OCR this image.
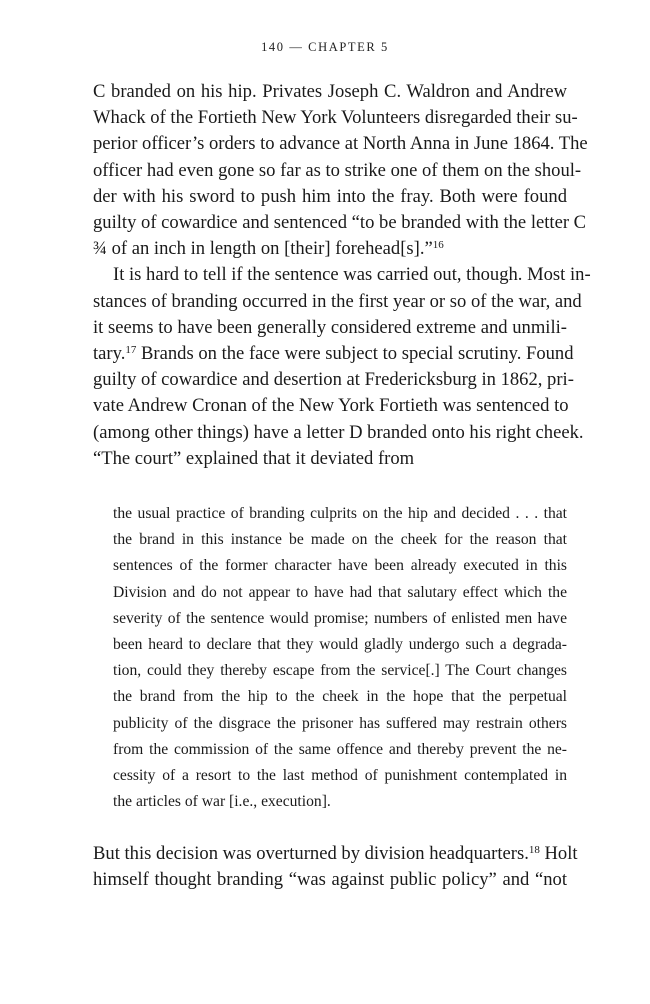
140 — CHAPTER 5
C branded on his hip. Privates Joseph C. Waldron and Andrew
Whack of the Fortieth New York Volunteers disregarded their su-
perior officer’s orders to advance at North Anna in June 1864. The
officer had even gone so far as to strike one of them on the shoul-
der with his sword to push him into the fray. Both were found
guilty of cowardice and sentenced “to be branded with the letter C
¾ of an inch in length on [their] forehead[s].”$^{16}$
It is hard to tell if the sentence was carried out, though. Most in-
stances of branding occurred in the first year or so of the war, and
it seems to have been generally considered extreme and unmili-
tary.$^{17}$ Brands on the face were subject to special scrutiny. Found
guilty of cowardice and desertion at Fredericksburg in 1862, pri-
vate Andrew Cronan of the New York Fortieth was sentenced to
(among other things) have a letter D branded onto his right cheek.
“The court” explained that it deviated from
the usual practice of branding culprits on the hip and decided . . . that
the brand in this instance be made on the cheek for the reason that
sentences of the former character have been already executed in this
Division and do not appear to have had that salutary effect which the
severity of the sentence would promise; numbers of enlisted men have
been heard to declare that they would gladly undergo such a degrada-
tion, could they thereby escape from the service[.] The Court changes
the brand from the hip to the cheek in the hope that the perpetual
publicity of the disgrace the prisoner has suffered may restrain others
from the commission of the same offence and thereby prevent the ne-
cessity of a resort to the last method of punishment contemplated in
the articles of war [i.e., execution].
But this decision was overturned by division headquarters.$^{18}$ Holt
himself thought branding “was against public policy” and “not
